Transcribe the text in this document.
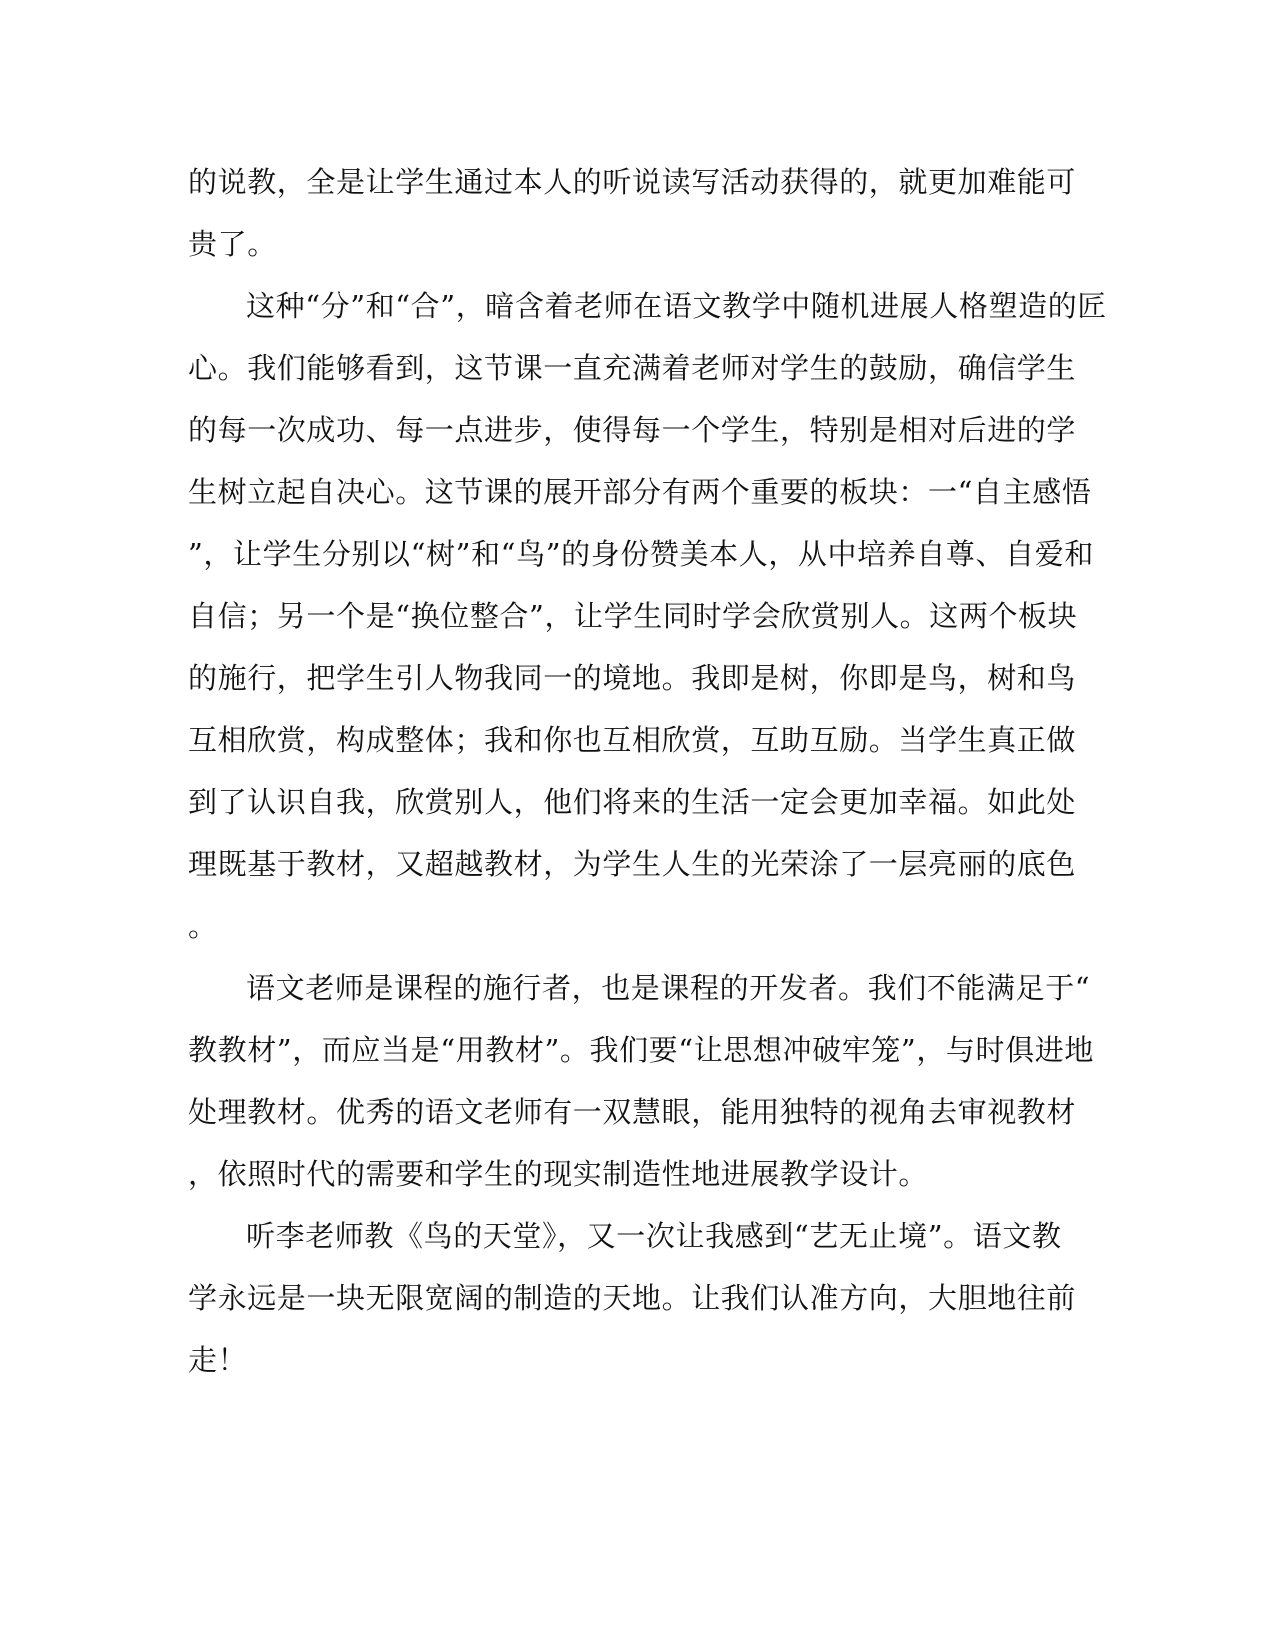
的说教，全是让学生通过本人的听说读写活动获得的，就更加难能可
贵了。
这种“分”和“合”，暗含着老师在语文教学中随机进展人格塑造的匠
心。我们能够看到，这节课一直充满着老师对学生的鼓励，确信学生
的每一次成功、每一点进步，使得每一个学生，特别是相对后进的学
生树立起自决心。这节课的展开部分有两个重要的板块：一“自主感悟
”，让学生分别以“树”和“鸟”的身份赞美本人，从中培养自尊、自爱和
自信；另一个是“换位整合”，让学生同时学会欣赏别人。这两个板块
的施行，把学生引人物我同一的境地。我即是树，你即是鸟，树和鸟
互相欣赏，构成整体；我和你也互相欣赏，互助互励。当学生真正做
到了认识自我，欣赏别人，他们将来的生活一定会更加幸福。如此处
理既基于教材，又超越教材，为学生人生的光荣涂了一层亮丽的底色
。
语文老师是课程的施行者，也是课程的开发者。我们不能满足于“
教教材”，而应当是“用教材”。我们要“让思想冲破牢笼”，与时俱进地
处理教材。优秀的语文老师有一双慧眼，能用独特的视角去审视教材
，依照时代的需要和学生的现实制造性地进展教学设计。
听李老师教《鸟的天堂》，又一次让我感到“艺无止境”。语文教
学永远是一块无限宽阔的制造的天地。让我们认准方向，大胆地往前
走！
